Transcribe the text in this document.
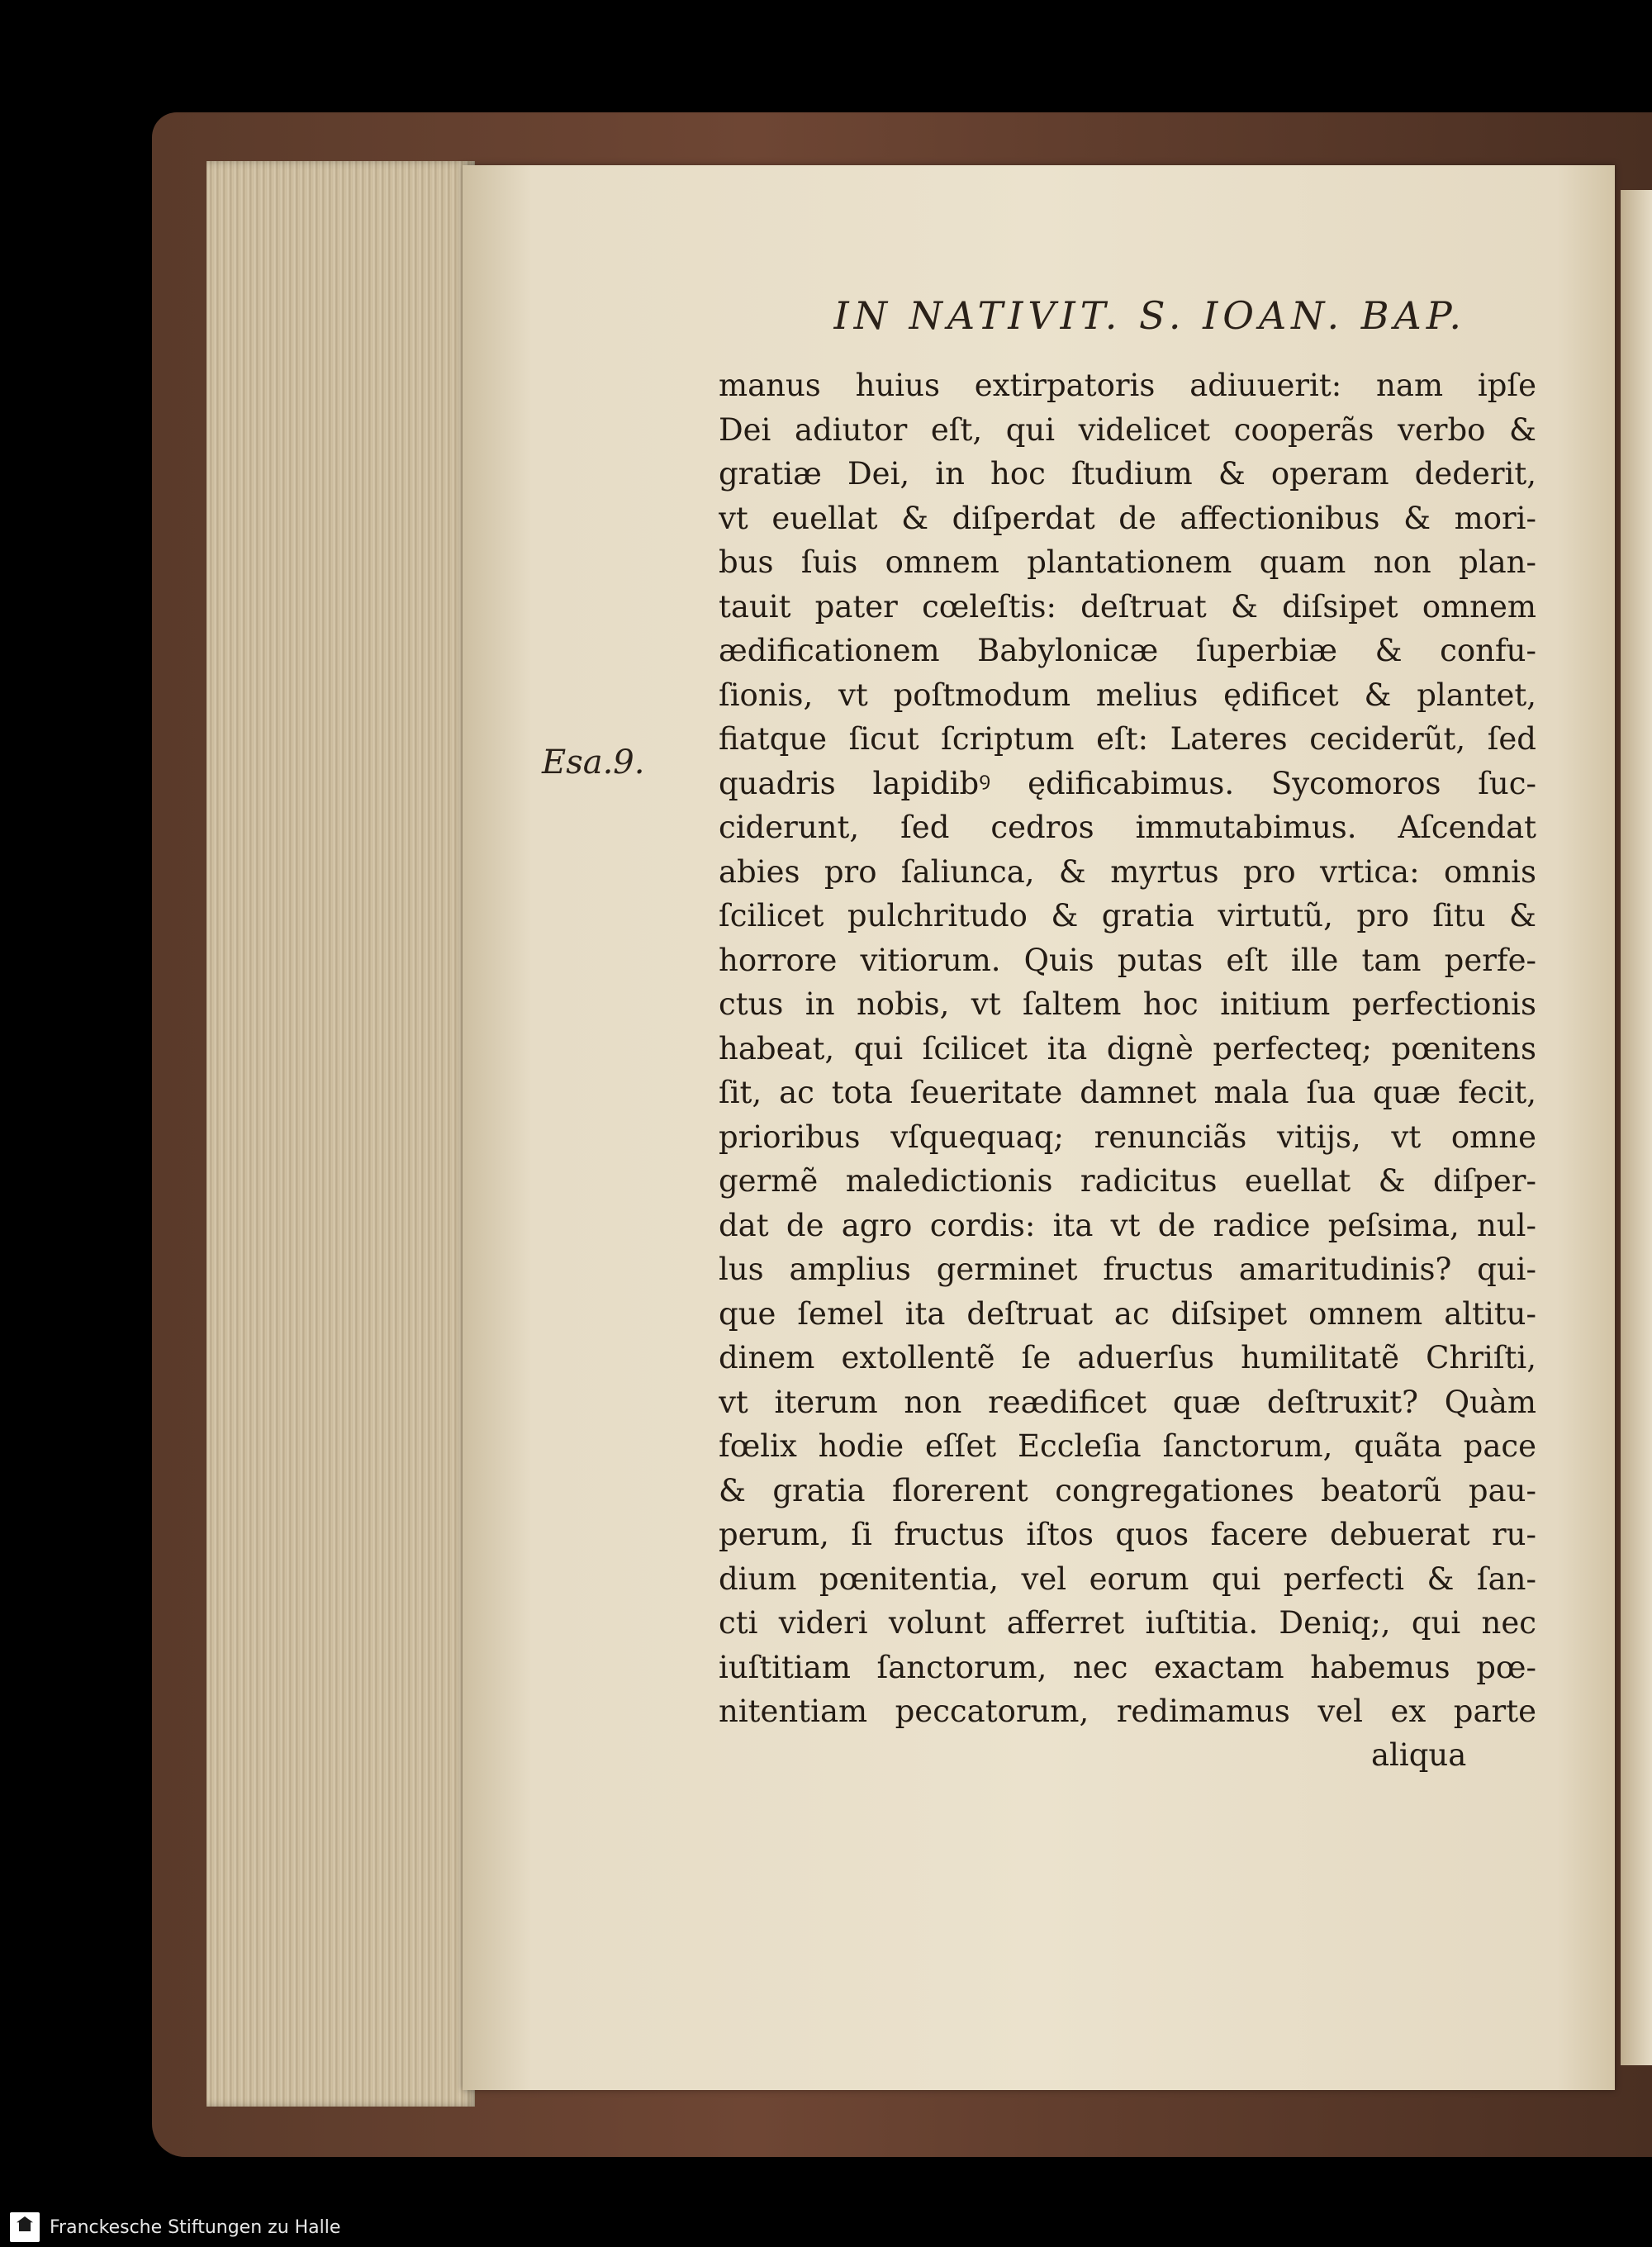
IN NATIVIT. S. IOAN. BAP.
Esa.9.
manus huius extirpatoris adiuuerit: nam ipſe
Dei adiutor eſt, qui videlicet cooperãs verbo &
gratiæ Dei, in hoc ſtudium & operam dederit,
vt euellat & diſperdat de affectionibus & mori-
bus ſuis omnem plantationem quam non plan-
tauit pater cœleſtis: deſtruat & diſsipet omnem
ædificationem Babylonicæ ſuperbiæ & confu-
ſionis, vt poſtmodum melius ędificet & plantet,
fiatque ſicut ſcriptum eſt: Lateres ceciderũt, ſed
quadris lapidibꝰ ędificabimus. Sycomoros ſuc-
ciderunt, ſed cedros immutabimus. Aſcendat
abies pro ſaliunca, & myrtus pro vrtica: omnis
ſcilicet pulchritudo & gratia virtutũ, pro ſitu &
horrore vitiorum. Quis putas eſt ille tam perfe-
ctus in nobis, vt ſaltem hoc initium perfectionis
habeat, qui ſcilicet ita dignè perfecteq; pœnitens
ſit, ac tota ſeueritate damnet mala ſua quæ fecit,
prioribus vſquequaq; renunciãs vitijs, vt omne
germẽ maledictionis radicitus euellat & diſper-
dat de agro cordis: ita vt de radice peſsima, nul-
lus amplius germinet fructus amaritudinis? qui-
que ſemel ita deſtruat ac diſsipet omnem altitu-
dinem extollentẽ ſe aduerſus humilitatẽ Chriſti,
vt iterum non reædificet quæ deſtruxit? Quàm
fœlix hodie eſſet Eccleſia ſanctorum, quãta pace
& gratia florerent congregationes beatorũ pau-
perum, ſi fructus iſtos quos facere debuerat ru-
dium pœnitentia, vel eorum qui perfecti & ſan-
cti videri volunt afferret iuſtitia. Deniq;, qui nec
iuſtitiam ſanctorum, nec exactam habemus pœ-
nitentiam peccatorum, redimamus vel ex parte
aliqua
Franckesche Stiftungen zu Halle
